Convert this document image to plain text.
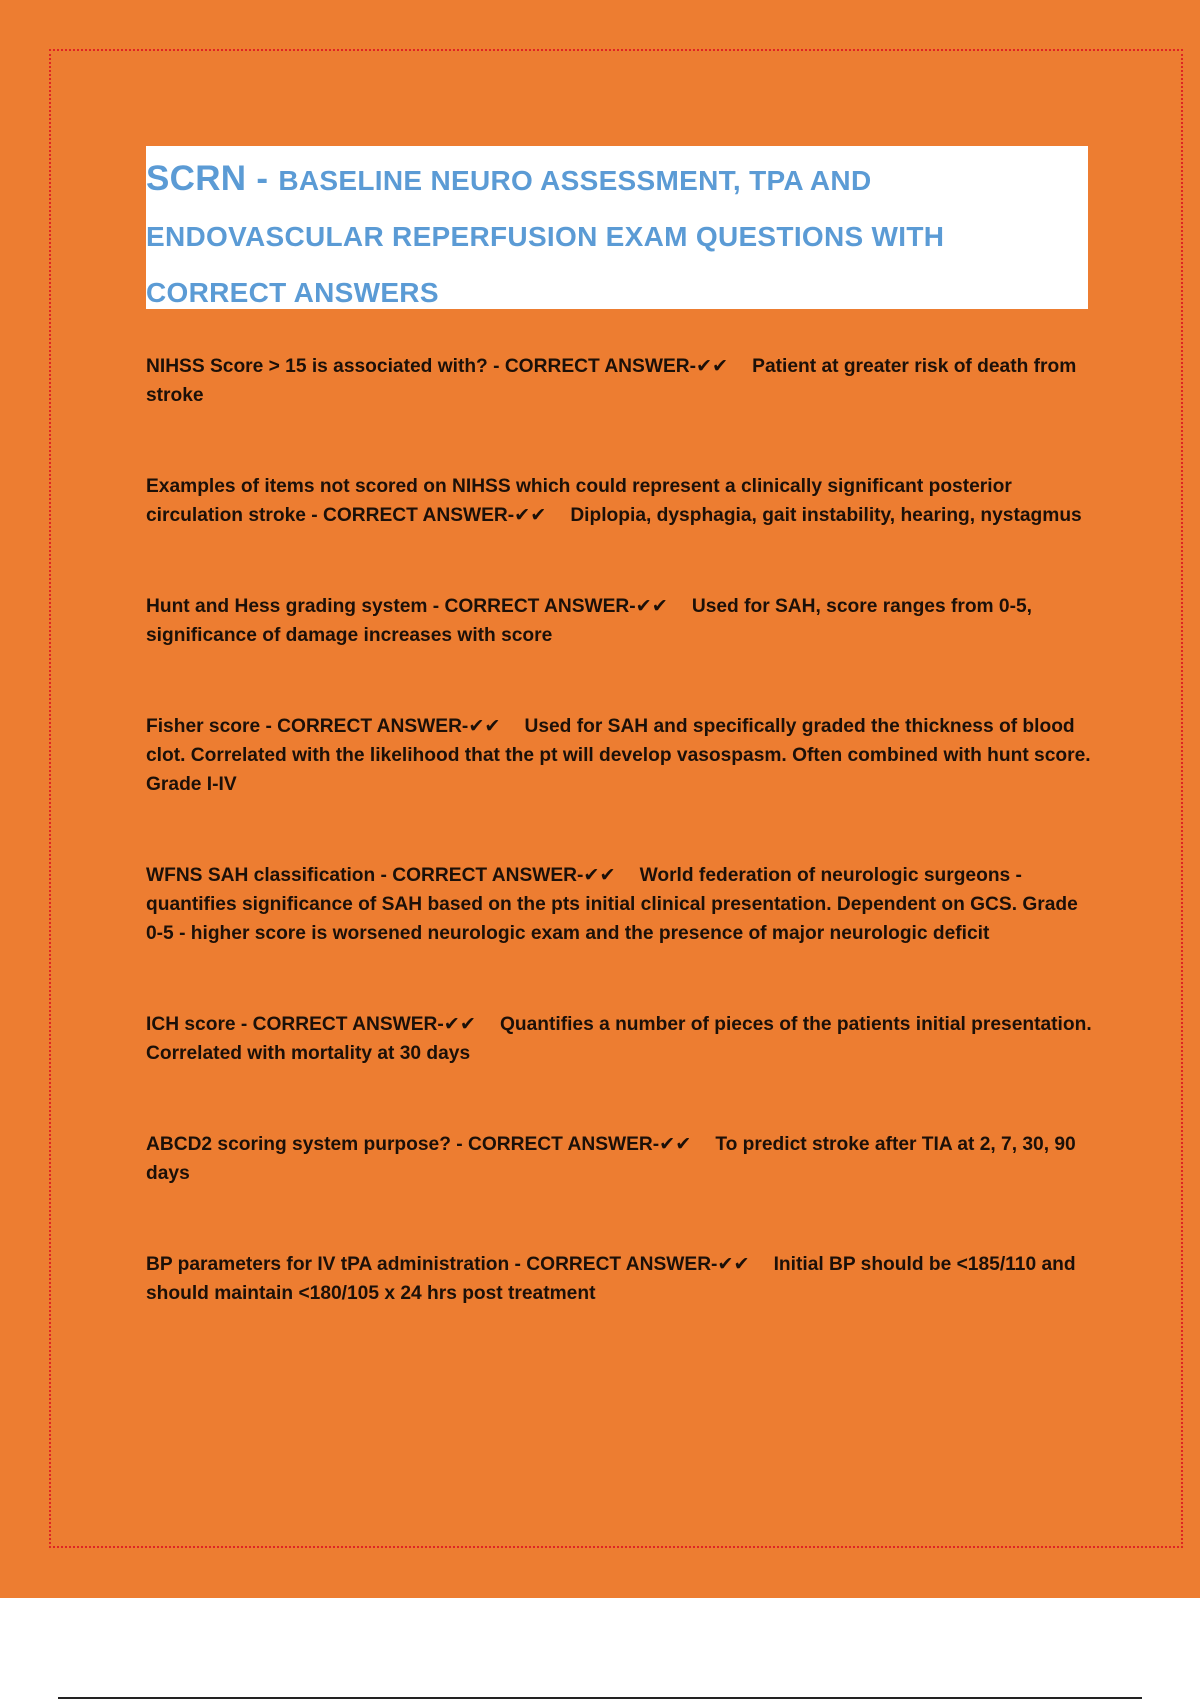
SCRN - BASELINE NEURO ASSESSMENT, TPA AND ENDOVASCULAR REPERFUSION EXAM QUESTIONS WITH CORRECT ANSWERS

NIHSS Score > 15 is associated with? - CORRECT ANSWER-✔✔ Patient at greater risk of death from stroke

Examples of items not scored on NIHSS which could represent a clinically significant posterior circulation stroke - CORRECT ANSWER-✔✔ Diplopia, dysphagia, gait instability, hearing, nystagmus

Hunt and Hess grading system - CORRECT ANSWER-✔✔ Used for SAH, score ranges from 0-5, significance of damage increases with score

Fisher score - CORRECT ANSWER-✔✔ Used for SAH and specifically graded the thickness of blood clot. Correlated with the likelihood that the pt will develop vasospasm. Often combined with hunt score. Grade I-IV

WFNS SAH classification - CORRECT ANSWER-✔✔ World federation of neurologic surgeons - quantifies significance of SAH based on the pts initial clinical presentation. Dependent on GCS. Grade 0-5 - higher score is worsened neurologic exam and the presence of major neurologic deficit

ICH score - CORRECT ANSWER-✔✔ Quantifies a number of pieces of the patients initial presentation. Correlated with mortality at 30 days

ABCD2 scoring system purpose? - CORRECT ANSWER-✔✔ To predict stroke after TIA at 2, 7, 30, 90 days

BP parameters for IV tPA administration - CORRECT ANSWER-✔✔ Initial BP should be <185/110 and should maintain <180/105 x 24 hrs post treatment
